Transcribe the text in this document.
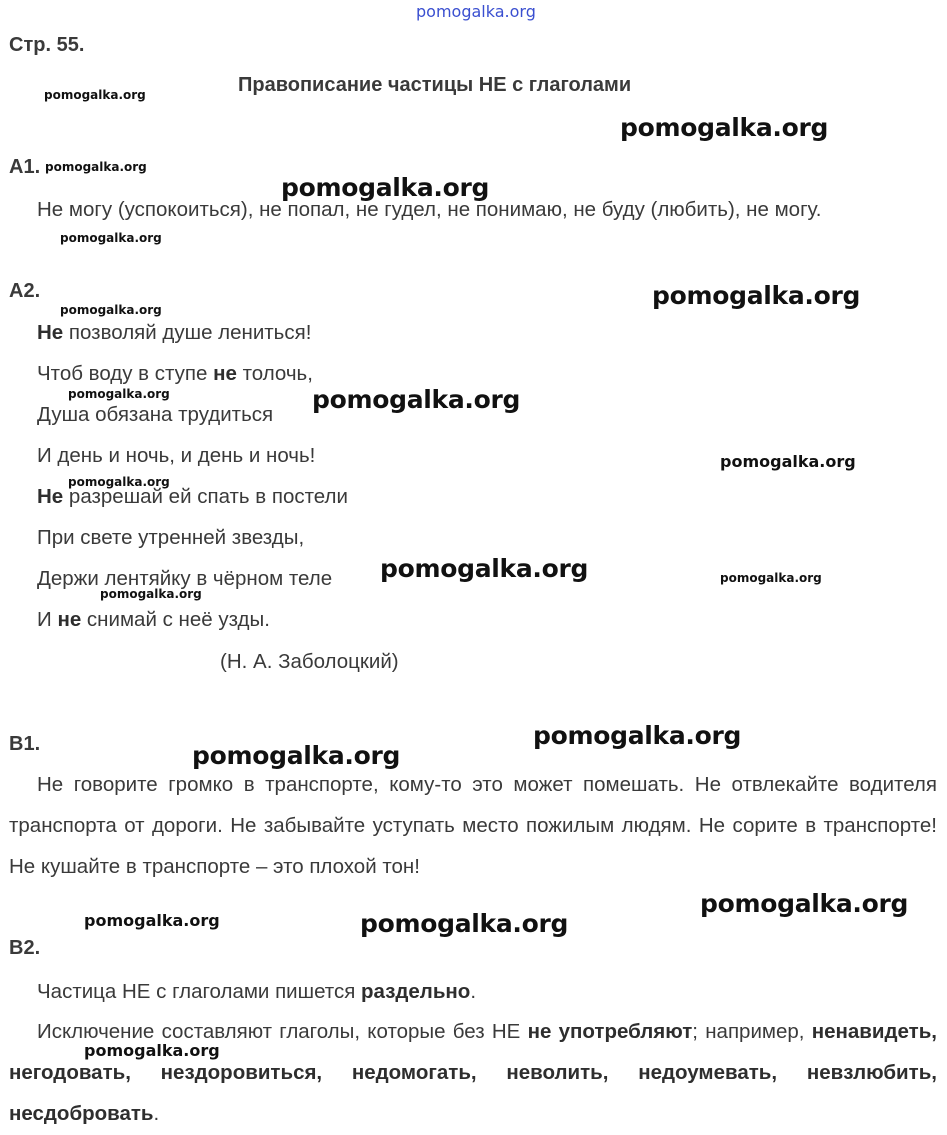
pomogalka.org
Стр. 55.
Правописание частицы НЕ с глаголами
А1.
Не могу (успокоиться), не попал, не гудел, не понимаю, не буду (любить), не могу.
А2.
Не позволяй душе лениться!
Чтоб воду в ступе не толочь,
Душа обязана трудиться
И день и ночь, и день и ночь!
Не разрешай ей спать в постели
При свете утренней звезды,
Держи лентяйку в чёрном теле
И не снимай с неё узды.
(Н. А. Заболоцкий)
В1.
Не говорите громко в транспорте, кому-то это может помешать. Не отвлекайте водителя транспорта от дороги. Не забывайте уступать место пожилым людям. Не сорите в транспорте! Не кушайте в транспорте – это плохой тон!
В2.
Частица НЕ с глаголами пишется раздельно.
Исключение составляют глаголы, которые без НЕ не употребляют; например, ненавидеть, негодовать, нездоровиться, недомогать, неволить, недоумевать, невзлюбить, несдобровать.
pomogalka.org
pomogalka.org
pomogalka.org
pomogalka.org
pomogalka.org
pomogalka.org
pomogalka.org
pomogalka.org	pomogalka.org
pomogalka.org
pomogalka.org
pomogalka.org	pomogalka.org
pomogalka.org
pomogalka.org
pomogalka.org
pomogalka.org
pomogalka.org	pomogalka.org
pomogalka.org
